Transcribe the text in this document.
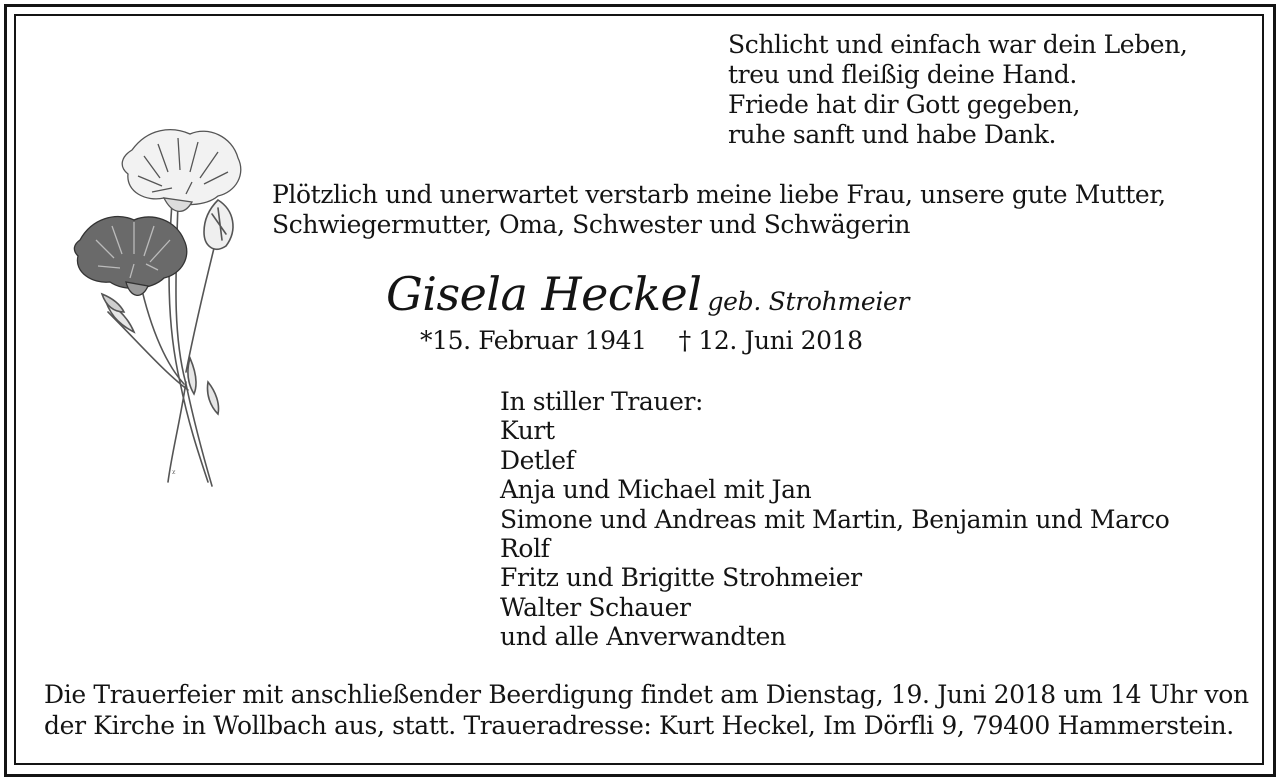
ᵡ
Schlicht und einfach war dein Leben,
treu und fleißig deine Hand.
Friede hat dir Gott gegeben,
ruhe sanft und habe Dank.
Plötzlich und unerwartet verstarb meine liebe Frau, unsere gute Mutter,
Schwiegermutter, Oma, Schwester und Schwägerin
Gisela Heckel geb. Strohmeier
*15. Februar 1941 † 12. Juni 2018
In stiller Trauer:
Kurt
Detlef
Anja und Michael mit Jan
Simone und Andreas mit Martin, Benjamin und Marco
Rolf
Fritz und Brigitte Strohmeier
Walter Schauer
und alle Anverwandten
Die Trauerfeier mit anschließender Beerdigung findet am Dienstag, 19. Juni 2018 um 14 Uhr von
der Kirche in Wollbach aus, statt. Traueradresse: Kurt Heckel, Im Dörfli 9, 79400 Hammerstein.
